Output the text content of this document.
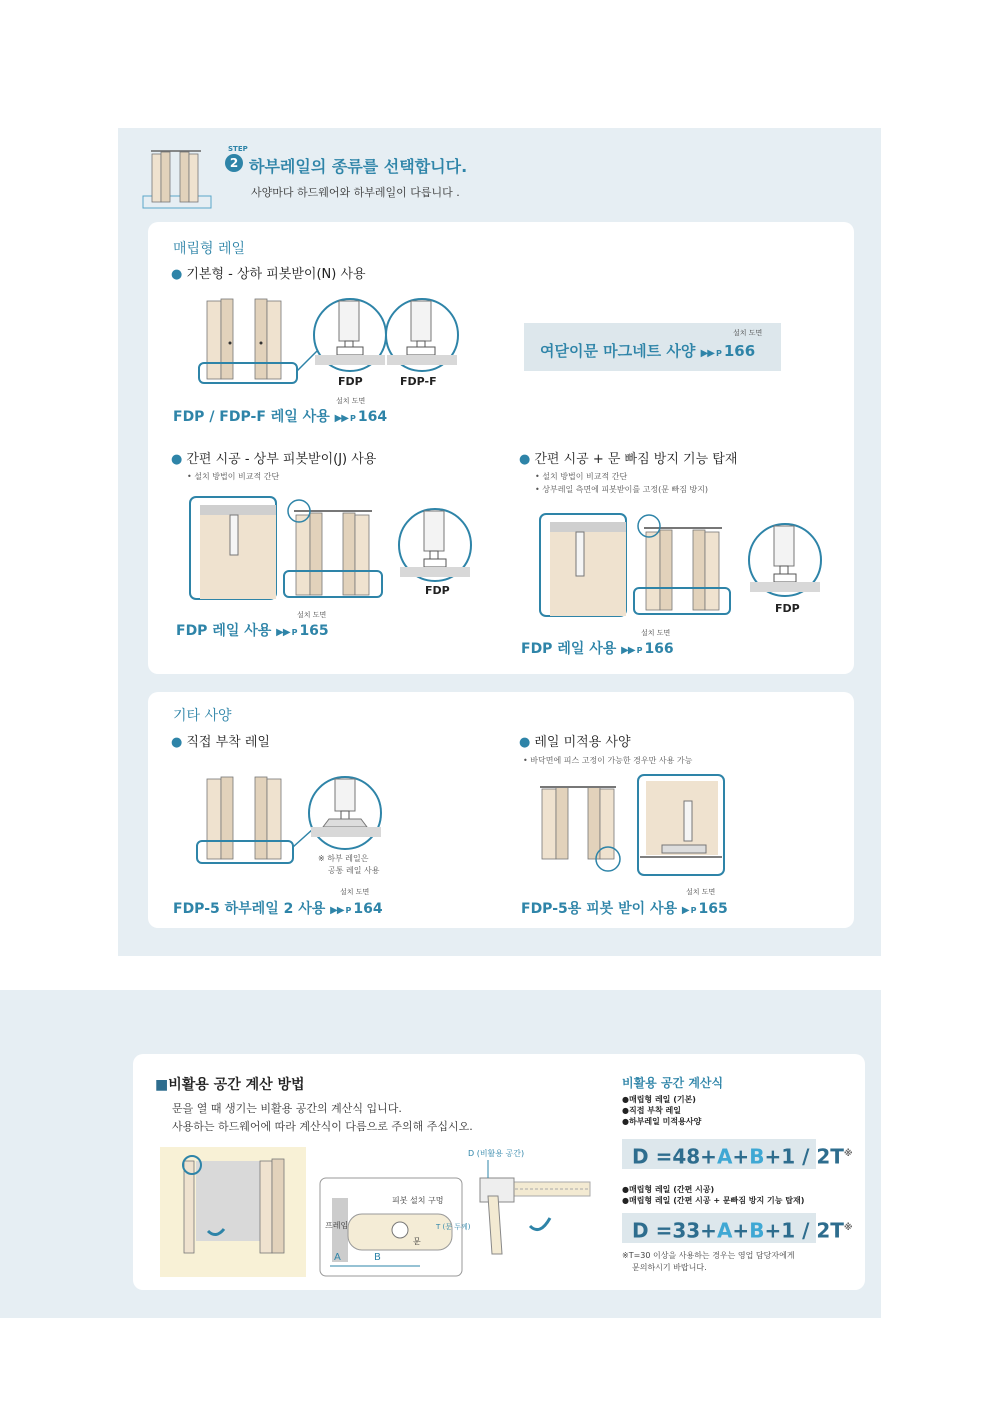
STEP
2 하부레일의 종류를 선택합니다.
사양마다 하드웨어와 하부레일이 다릅니다 .
매립형 레일
● 기본형 - 상하 피봇받이(N) 사용
FDP	FDP-F
설치 도면
FDP / FDP-F 레일 사용 ▶▶ P 164
설치 도면
여닫이문 마그네트 사양 ▶▶ P 166
● 간편 시공 - 상부 피봇받이(J) 사용
• 설치 방법이 비교적 간단
FDP
설치 도면
FDP 레일 사용 ▶▶ P 165
● 간편 시공 + 문 빠짐 방지 기능 탑재
• 설치 방법이 비교적 간단
• 상부레일 측면에 피봇받이를 고정(문 빠짐 방지)
FDP
설치 도면
FDP 레일 사용 ▶▶ P 166
기타 사양
● 직접 부착 레일
※ 하부 레일은
공통 레일 사용
설치 도면
FDP-5 하부레일 2 사용 ▶▶ P 164
● 레일 미적용 사양
• 바닥면에 피스 고정이 가능한 경우만 사용 가능
설치 도면
FDP-5용 피봇 받이 사용 ▶ P 165
■비활용 공간 계산 방법
문을 열 때 생기는 비활용 공간의 계산식 입니다.
사용하는 하드웨어에 따라 계산식이 다름으로 주의해 주십시오.
피봇 설치 구멍
프레임
문
T (문 두께)
A	B
D (비활용 공간)
비활용 공간 계산식
●매립형 레일 (기본)
●직접 부착 레일
●하부레일 미적용사양
D =48+A+B+1 / 2T※
●매립형 레일 (간편 시공)
●매립형 레일 (간편 시공 + 문빠짐 방지 기능 탑재)
D =33+A+B+1 / 2T※
※T=30 이상을 사용하는 경우는 영업 담당자에게
문의하시기 바랍니다.
